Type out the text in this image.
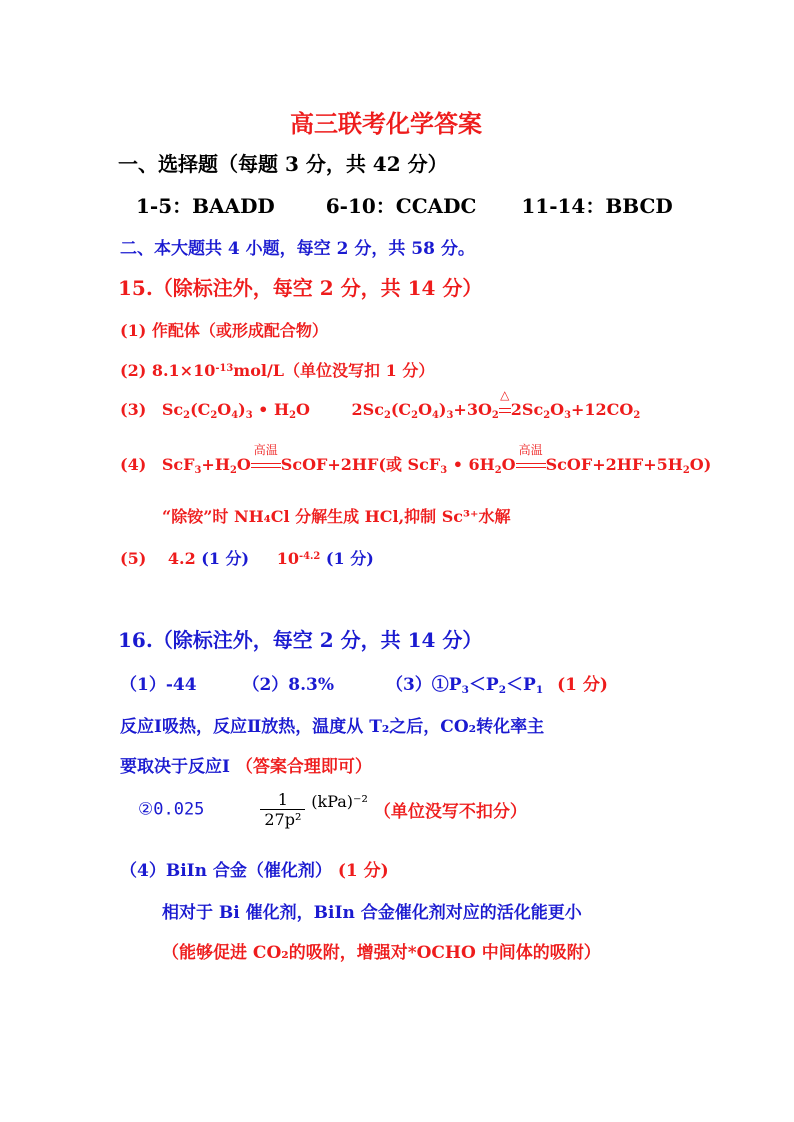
高三联考化学答案
一、选择题（每题 3 分，共 42 分）
1-5：BAADD	6-10：CCADC 11-14：BBCD
二、本大题共 4 小题，每空 2 分，共 58 分。
15.（除标注外，每空 2 分，共 14 分）
(1) 作配体（或形成配合物）
(2) $8.1\times 10^{-13}mol/L$（单位没写扣 1 分）
(3) $Sc_2(C_2O_4)_3$ • $H_2O$	$2Sc_2(C_2O_4)_3+3O_2$
△
$2Sc_2O_3+12CO_2$
(4) $ScF_3+H_2O$
高温
ScOF+2HF(或 ScF$_3$ • $6H_2O$
高温
$ScOF+2HF+5H_2O$)
“除铵”时 NH₄Cl 分解生成 HCl,抑制 Sc³⁺水解
(5) 4.2 (1 分) $10^{-4.2}$ (1 分)
16.（除标注外，每空 2 分，共 14 分）
（1）-44	（2）8.3%	$(3)①P_3<P_2<P_1$ (1 分)
反应Ⅰ吸热，反应Ⅱ放热，温度从 T₂之后，CO₂转化率主
要取决于反应Ⅰ （答案合理即可）
②0.025	$\frac{1}{\text{27p²}} (kPa)^{-2}$ （单位没写不扣分）
（4）BiIn 合金（催化剂） (1 分)
相对于 Bi 催化剂，BiIn 合金催化剂对应的活化能更小
（能够促进 CO₂的吸附，增强对*OCHO 中间体的吸附）
